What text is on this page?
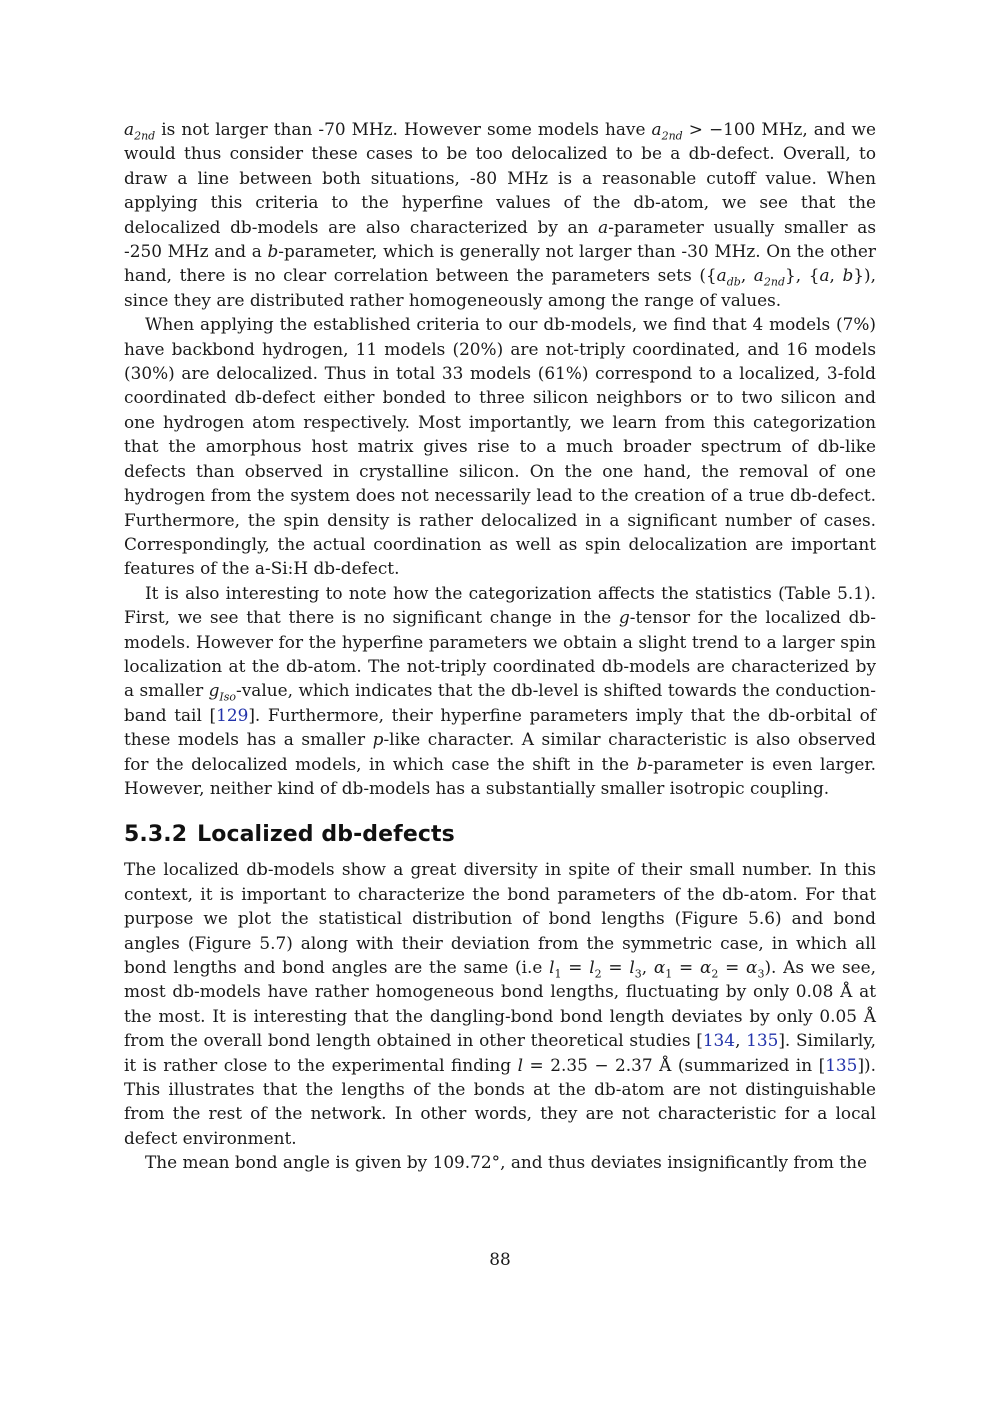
$a_{2nd}$ is not larger than -70 MHz. However some models have $a_{2nd} > -100$ MHz, and we would thus consider these cases to be too delocalized to be a db-defect. Overall, to draw a line between both situations, -80 MHz is a reasonable cutoff value. When applying this criteria to the hyperfine values of the db-atom, we see that the delocalized db-models are also characterized by an a-parameter usually smaller as -250 MHz and a b-parameter, which is generally not larger than -30 MHz. On the other hand, there is no clear correlation between the parameters sets ({$a_{db}$, $a_{2nd}$}, {a, b}), since they are distributed rather homogeneously among the range of values.

When applying the established criteria to our db-models, we find that 4 models (7%) have backbond hydrogen, 11 models (20%) are not-triply coordinated, and 16 models (30%) are delocalized. Thus in total 33 models (61%) correspond to a localized, 3-fold coordinated db-defect either bonded to three silicon neighbors or to two silicon and one hydrogen atom respectively. Most importantly, we learn from this categorization that the amorphous host matrix gives rise to a much broader spectrum of db-like defects than observed in crystalline silicon. On the one hand, the removal of one hydrogen from the system does not necessarily lead to the creation of a true db-defect. Furthermore, the spin density is rather delocalized in a significant number of cases. Correspondingly, the actual coordination as well as spin delocalization are important features of the a-Si:H db-defect.

It is also interesting to note how the categorization affects the statistics (Table 5.1). First, we see that there is no significant change in the g-tensor for the localized db-models. However for the hyperfine parameters we obtain a slight trend to a larger spin localization at the db-atom. The not-triply coordinated db-models are characterized by a smaller $g_{Iso}$-value, which indicates that the db-level is shifted towards the conduction-band tail [129]. Furthermore, their hyperfine parameters imply that the db-orbital of these models has a smaller p-like character. A similar characteristic is also observed for the delocalized models, in which case the shift in the b-parameter is even larger. However, neither kind of db-models has a substantially smaller isotropic coupling.

5.3.2 Localized db-defects

The localized db-models show a great diversity in spite of their small number. In this context, it is important to characterize the bond parameters of the db-atom. For that purpose we plot the statistical distribution of bond lengths (Figure 5.6) and bond angles (Figure 5.7) along with their deviation from the symmetric case, in which all bond lengths and bond angles are the same (i.e $l_1 = l_2 = l_3$, $\alpha_1 = \alpha_2 = \alpha_3$). As we see, most db-models have rather homogeneous bond lengths, fluctuating by only 0.08 Å at the most. It is interesting that the dangling-bond bond length deviates by only 0.05 Å from the overall bond length obtained in other theoretical studies [134, 135]. Similarly, it is rather close to the experimental finding l = 2.35 − 2.37 Å (summarized in [135]). This illustrates that the lengths of the bonds at the db-atom are not distinguishable from the rest of the network. In other words, they are not characteristic for a local defect environment.

The mean bond angle is given by 109.72°, and thus deviates insignificantly from the

88
